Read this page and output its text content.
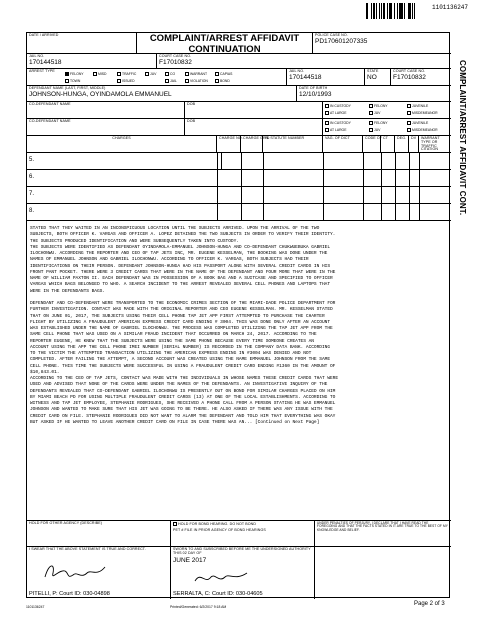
1101136247
COMPLAINT/ARREST AFFIDAVIT CONT.
DATE / ARRIVED	COMPLAINT/ARREST AFFIDAVIT
CONTINUATION
POLICE CASE NO.
PD170601207335
JAIL NO.
170144518
COURT CASE NO.
F17010832
ARREST TYPE
FELONY	MISD	TRAFFIC	JUV	CO	WARRANT	CAPIAS
TOWN	ISSUED	JAIL	VIOLATION	BOND
JAIL NO.
170144518
STATE
NO
COURT CASE NO.
F17010832
DEFENDANT NAME (LAST, FIRST, MIDDLE)
JOHNSON-HUNGA, OYINDAMOLA EMMANUEL
DATE OF BIRTH
12/10/1993
CO-DEFENDANT NAME	DOB	IN CUSTODY
AT LARGE
FELONY
JUV
JUVENILE
MISDEMEANOR
CO-DEFENDANT NAME	DOB	IN CUSTODY
AT LARGE
FELONY
JUV
JUVENILE
MISDEMEANOR
CHARGES	CHARGE NO. CHARGE GRID
FL STATUTE NUMBER	VAG. OF DICT	CODE OF CT	DEG. DV WARRANT TYPE OR TRAFFIC CITATION
5.
6.
7.
8.
STATED THAT THEY WAITED IN AN INCONSPICUOUS LOCATION UNTIL THE SUBJECTS ARRIVED. UPON THE ARRIVAL OF THE TWO
SUBJECTS, BOTH OFFICER K. VARGAS AND OFFICER A. LOPEZ DETAINED THE TWO SUBJECTS IN ORDER TO VERIFY THEIR IDENTITY.
THE SUBJECTS PRODUCED IDENTIFICATION AND WERE SUBSEQUENTLY TAKEN INTO CUSTODY.
THE SUBJECTS WERE IDENTIFIED AS DEFENDANT OYINDAMOLA-EMMANUEL JOHNSON-HUNGA AND CO-DEFENDANT CHUKWUEBUKA GABRIEL
ILOCHONWU. ACCORDING THE REPORTER AND CEO OF TAP JETS INC, MR. EUGENE KESSELMAN, THE BOOKING WAS DONE UNDER THE
NAMES OF EMMANUEL JOHNSON AND GABRIEL ILOCHONWU. ACCORDING TO OFFICER K. VARGAS, BOTH SUBJECTS HAD THEIR
IDENTIFICATIONS ON THEIR PERSON. DEFENDANT JOHNSON-HUNGA HAD HIS PASSPORT ALONG WITH SEVERAL CREDIT CARDS IN HIS
FRONT PANT POCKET. THERE WERE 3 CREDIT CARDS THAT WERE IN THE NAME OF THE DEFENDANT AND FOUR MORE THAT WERE IN THE
NAME OF WILLIAM PAXTON II. EACH DEFENDANT WAS IN POSSESSION OF A BOOK BAG AND A SUITCASE AND SPECIFIED TO OFFICER
VARGAS WHICH BAGS BELONGED TO WHO. A SEARCH INCIDENT TO THE ARREST REVEALED SEVERAL CELL PHONES AND LAPTOPS THAT
WERE IN THE DEFENDANTS BAGS.

DEFENDANT AND CO-DEFENDANT WERE TRANSPORTED TO THE ECONOMIC CRIMES SECTION OF THE MIAMI-DADE POLICE DEPARTMENT FOR
FURTHER INVESTIGATION. CONTACT WAS MADE WITH THE ORIGINAL REPORTER AND CEO EUGENE KESSELMAN. MR. KESSELMAN STATED
THAT ON JUNE 01, 2017, THE SUBJECTS USING THEIR CELL PHONE TAP JET APP FIRST ATTEMPTED TO PURCHASE THE CHARTER
FLIGHT BY UTILIZING A FRAUDULENT AMERICAN EXPRESS CREDIT CARD ENDING # 3004. THIS WAS DONE ONLY AFTER AN ACCOUNT
WAS ESTABLISHED UNDER THE NAME OF GABRIEL ILOCHONWU. THE PROCESS WAS COMPLETED UTILIZING THE TAP JET APP FROM THE
SAME CELL PHONE THAT WAS USED ON A SIMILAR FRAUD INCIDENT THAT OCCURRED ON MARCH 24, 2017. ACCORDING TO THE
REPORTER EUGENE, HE KNEW THAT THE SUBJECTS WERE USING THE SAME PHONE BECAUSE EVERY TIME SOMEONE CREATES AN
ACCOUNT USING THE APP THE CELL PHONE IMEI NUMBER (SERIAL NUMBER) IS RECORDED IN THE COMPANY DATA BANK. ACCORDING
TO THE VICTIM THE ATTEMPTED TRANSACTION UTILIZING THE AMERICAN EXPRESS ENDING IN #3004 WAS DENIED AND NOT
COMPLETED. AFTER FAILING THE ATTEMPT, A SECOND ACCOUNT WAS CREATED USING THE NAME EMMANUEL JOHNSON FROM THE SAME
CELL PHONE. THIS TIME THE SUBJECTS WERE SUCCESSFUL IN USING A FRAUDULENT CREDIT CARD ENDING #1360 IN THE AMOUNT OF
$10,843.01.
ACCORDING TO THE CEO OF TAP JETS, CONTACT WAS MADE WITH THE INDIVIDUALS IN WHOSE NAMES THESE CREDIT CARDS THAT WERE
USED AND ADVISED THAT NONE OF THE CARDS WERE UNDER THE NAMES OF THE DEFENDANTS. AN INVESTIGATIVE INQUIRY OF THE
DEFENDANTS REVEALED THAT CO-DEFENDANT GABRIEL ILOCHONWU IS PRESENTLY OUT ON BOND FOR SIMILAR CHARGES PLACED ON HIM
BY MIAMI BEACH PD FOR USING MULTIPLE FRAUDULENT CREDIT CARDS (13) AT ONE OF THE LOCAL ESTABLISHMENTS. ACCORDING TO
WITNESS AND TAP JET EMPLOYEE, STEPHANIE RODRIGUES, SHE RECEIVED A PHONE CALL FROM A PERSON STATING HE WAS EMMANUEL
JOHNSON AND WANTED TO MAKE SURE THAT HIS JET WAS GOING TO BE THERE. HE ALSO ASKED IF THERE WAS ANY ISSUE WITH THE
CREDIT CARD ON FILE. STEPHANIE RODRIGUES DID NOT WANT TO ALARM THE DEFENDANT AND TOLD HIM THAT EVERYTHING WAS OKAY
BUT ASKED IF HE WANTED TO LEAVE ANOTHER CREDIT CARD ON FILE IN CASE THERE WAS AN... [Continued on Next Page]
HOLD FOR OTHER AGENCY (DESCRIBE)	HOLD FOR BOND HEARING. DO NOT BOND
PET # FILE IN PRIOR AGENCY OF BOND HEARINGS
UNDER PENALTIES OF PERJURY, I DECLARE THAT I HAVE READ THE FOREGOING AND THAT THE FACTS STATED IN IT ARE TRUE TO THE BEST OF MY KNOWLEDGE AND BELIEF.
I SWEAR THAT THE ABOVE STATEMENT IS TRUE AND CORRECT.
PITELLI, P: Court ID: 030-04898
SWORN TO AND SUBSCRIBED BEFORE ME THE UNDERSIGNED AUTHORITY THIS 02 DAY OF
JUNE 2017
SERRALTA, C: Court ID: 030-04605
1101136247	Printed/Generated: 6/2/2017 9:18 AM	Page 2 of 3
